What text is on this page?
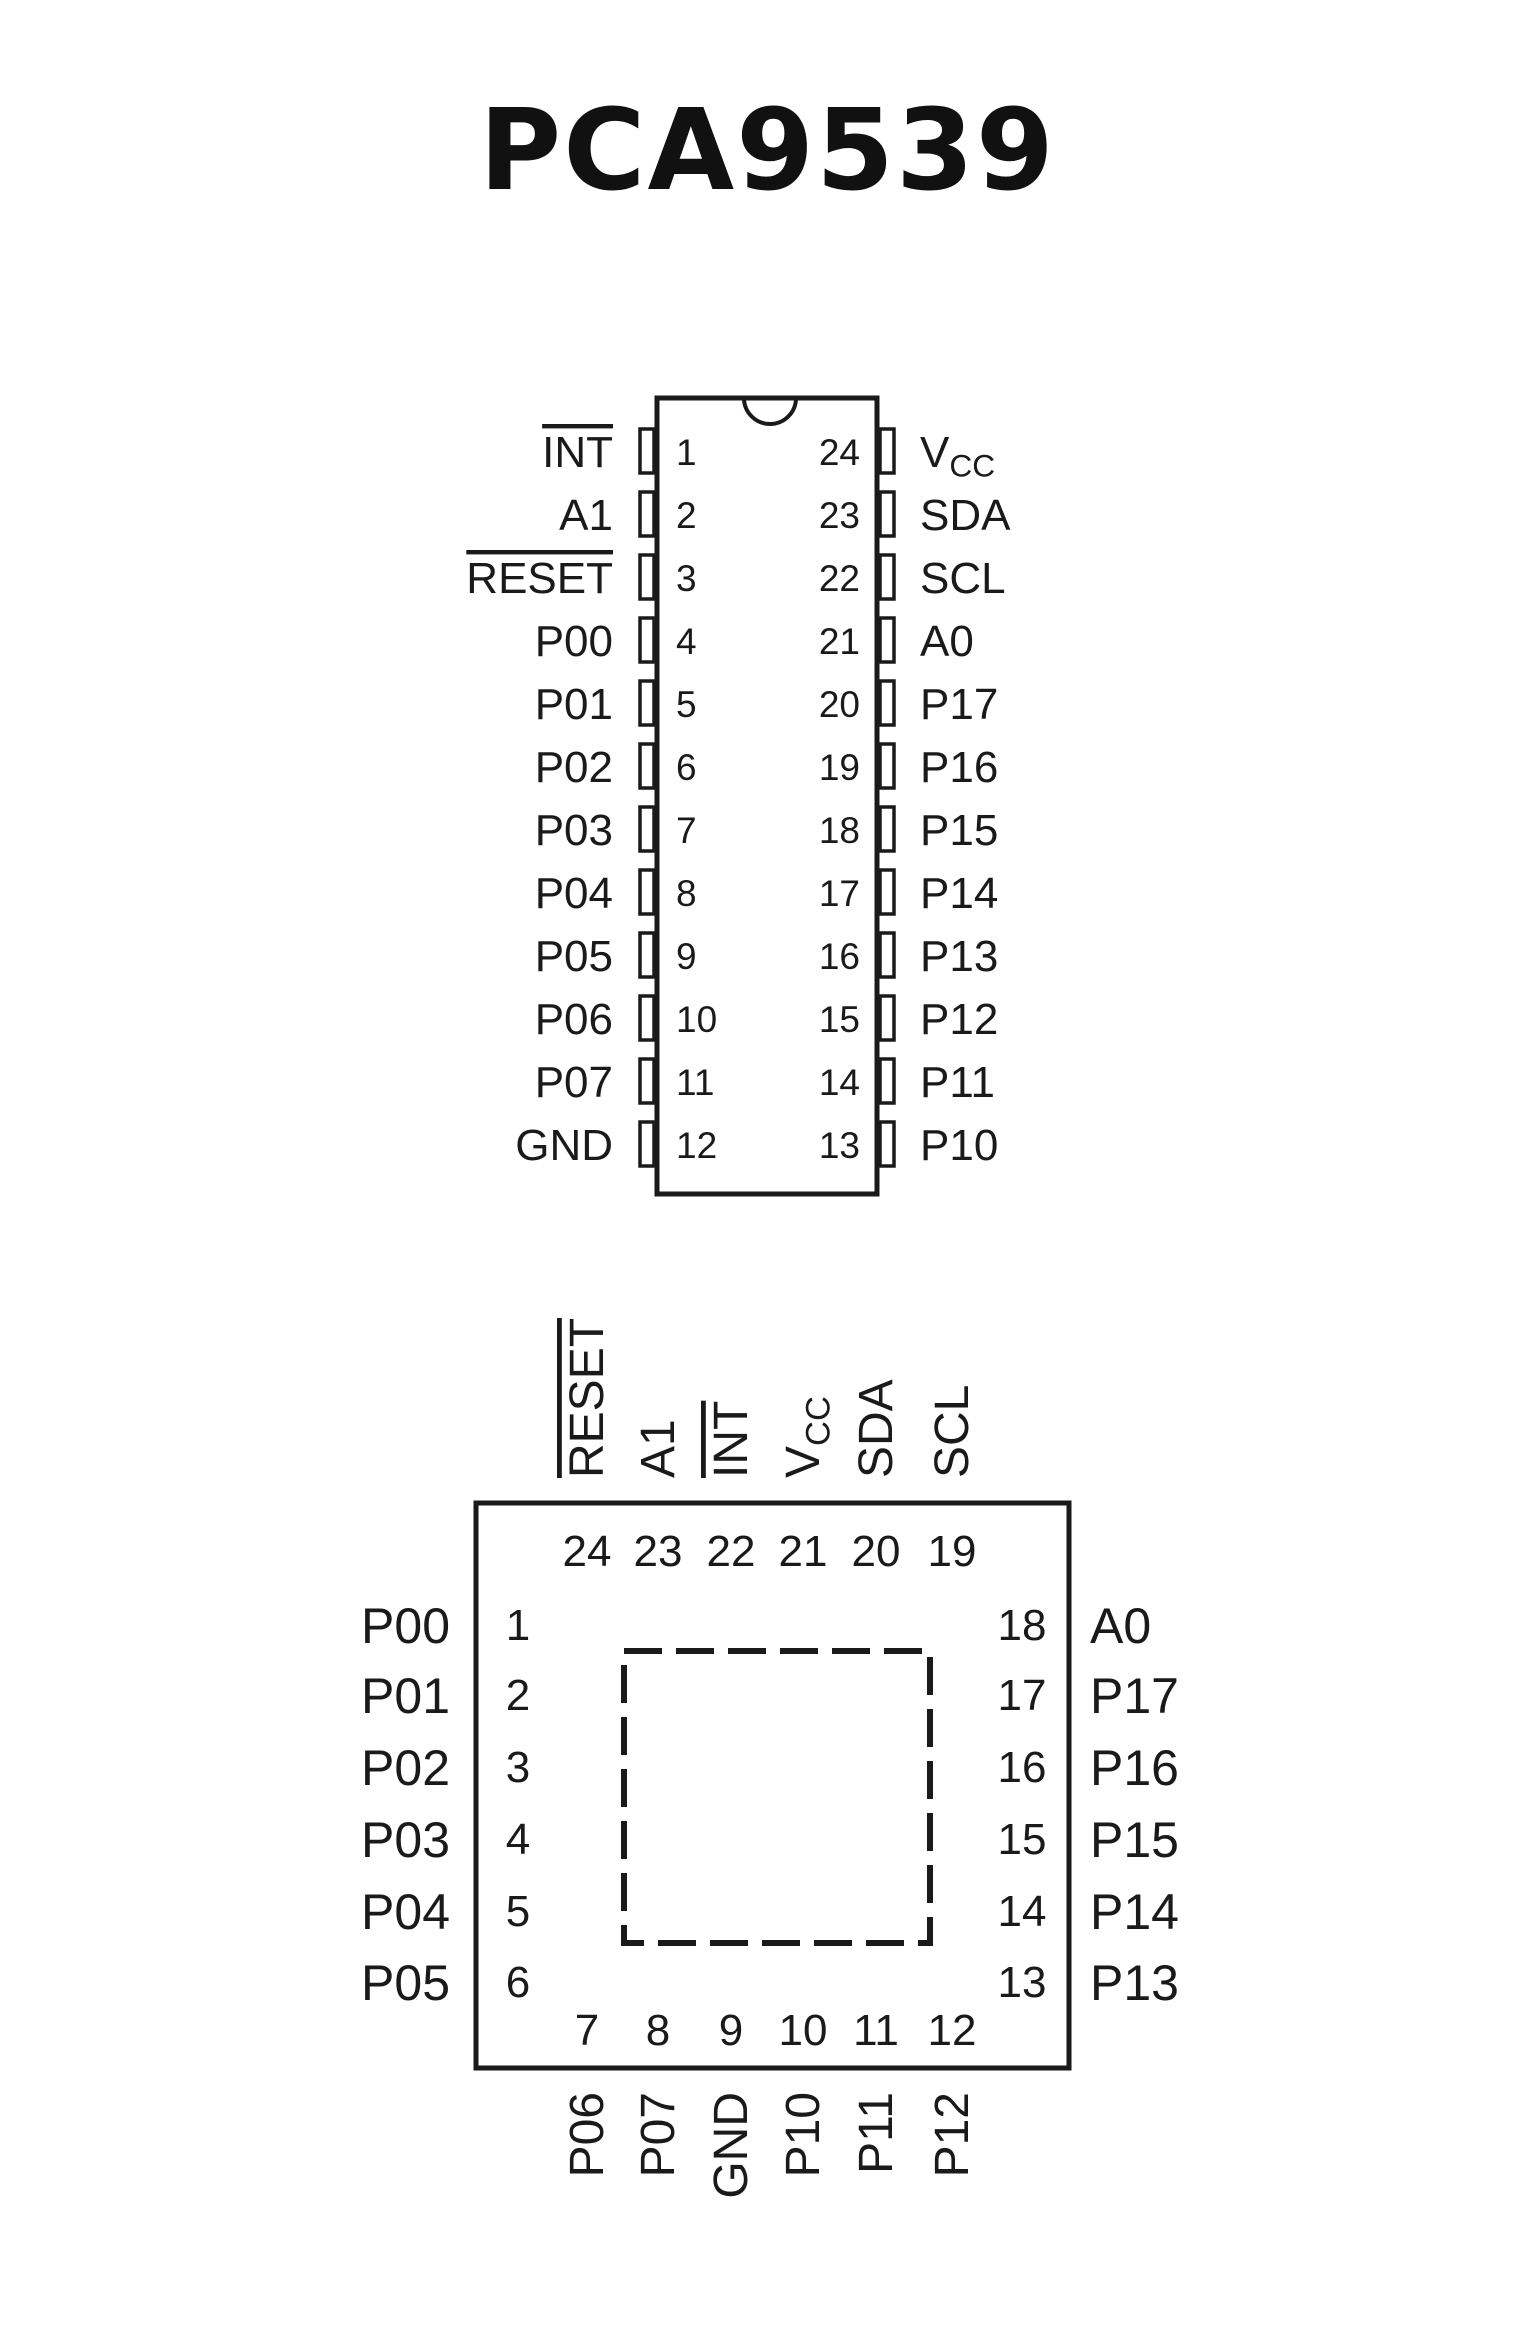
PCA9539
1
INT
2
A1
3
RESET
4
P00
5
P01
6
P02
7
P03
8
P04
9
P05
10
P06
11
P07
12
GND
24 $V_{CC}$
23 SDA
22 SCL
21 A0
20 P17
19 P16
18 P15
17 P14
16 P13
15 P12
14 P11
13 P10
24
RESET
23
A1
22
INT
21
$V_{CC}$
20
SDA
19
SCL
7
P06
8
P07
9
GND
10
P10
11
P11
12
P12
1
P00
2
P01
3
P02
4
P03
5
P04
6
P05
18 A0
17 P17
16 P16
15 P15
14 P14
13 P13
